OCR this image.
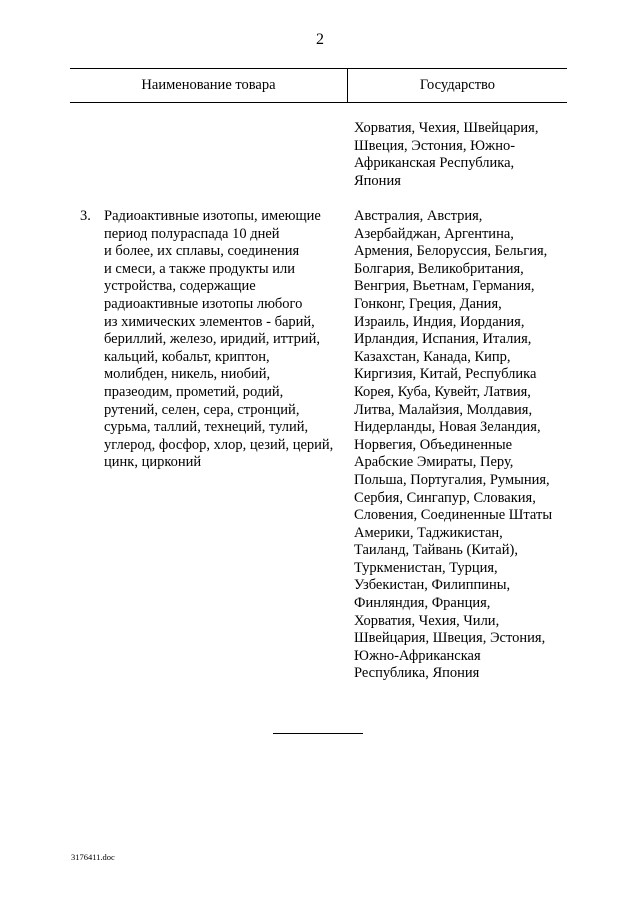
2
Наименование товара	Государство
Хорватия, Чехия, Швейцария,
Швеция, Эстония, Южно-
Африканская Республика,
Япония
3. Радиоактивные изотопы, имеющие
период полураспада 10 дней
и более, их сплавы, соединения
и смеси, а также продукты или
устройства, содержащие
радиоактивные изотопы любого
из химических элементов - барий,
бериллий, железо, иридий, иттрий,
кальций, кобальт, криптон,
молибден, никель, ниобий,
празеодим, прометий, родий,
рутений, селен, сера, стронций,
сурьма, таллий, технеций, тулий,
углерод, фосфор, хлор, цезий, церий,
цинк, цирконий
Австралия, Австрия,
Азербайджан, Аргентина,
Армения, Белоруссия, Бельгия,
Болгария, Великобритания,
Венгрия, Вьетнам, Германия,
Гонконг, Греция, Дания,
Израиль, Индия, Иордания,
Ирландия, Испания, Италия,
Казахстан, Канада, Кипр,
Киргизия, Китай, Республика
Корея, Куба, Кувейт, Латвия,
Литва, Малайзия, Молдавия,
Нидерланды, Новая Зеландия,
Норвегия, Объединенные
Арабские Эмираты, Перу,
Польша, Португалия, Румыния,
Сербия, Сингапур, Словакия,
Словения, Соединенные Штаты
Америки, Таджикистан,
Таиланд, Тайвань (Китай),
Туркменистан, Турция,
Узбекистан, Филиппины,
Финляндия, Франция,
Хорватия, Чехия, Чили,
Швейцария, Швеция, Эстония,
Южно-Африканская
Республика, Япония
3176411.doc
